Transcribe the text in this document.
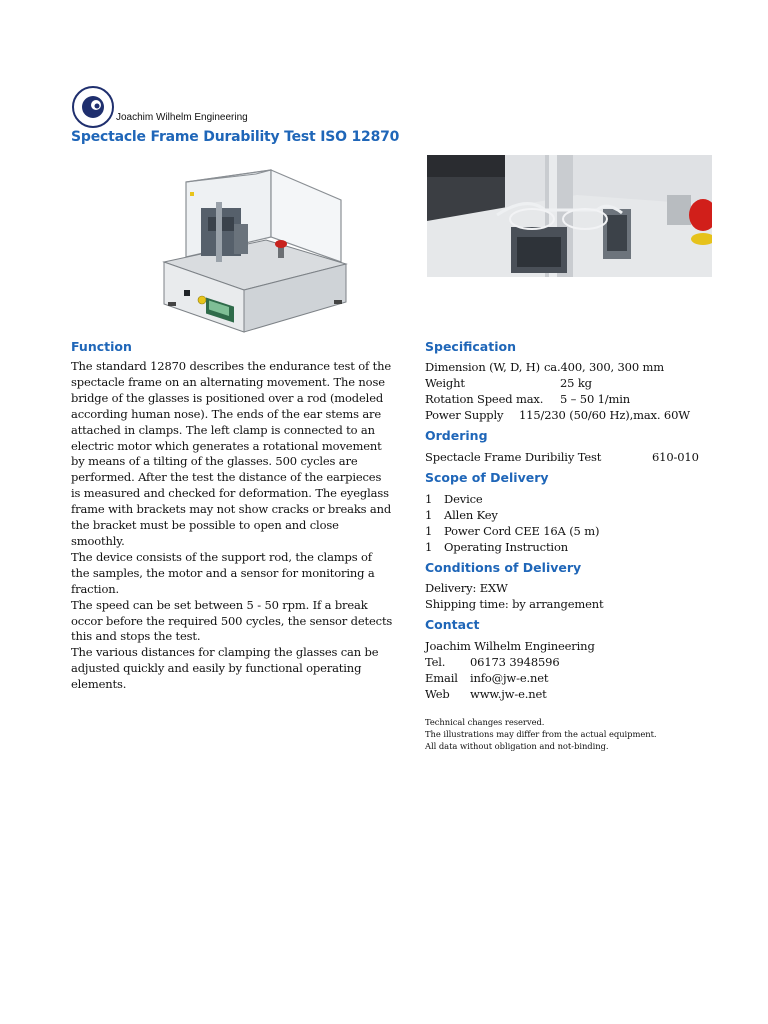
Joachim Wilhelm Engineering
Spectacle Frame Durability Test ISO 12870
Function

The standard 12870 describes the endurance test of the spectacle frame on an alternating movement. The nose bridge of the glasses is positioned over a rod (modeled according human nose). The ends of the ear stems are attached in clamps. The left clamp is connected to an electric motor which generates a rotational movement by means of a tilting of the glasses. 500 cycles are performed. After the test the distance of the earpieces is measured and checked for deformation. The eyeglass frame with brackets may not show cracks or breaks and the bracket must be possible to open and close smoothly.

The device consists of the support rod, the clamps of the samples, the motor and a sensor for monitoring a fraction.

The speed can be set between 5 - 50 rpm. If a break occor before the required 500 cycles, the sensor detects this and stops the test.

The various distances for clamping the glasses can be adjusted quickly and easily by functional operating elements.

Specification
Dimension (W, D, H) ca.400, 300, 300 mm
Weight	25 kg
Rotation Speed max. 5 – 50 1/min
Power Supply 115/230 (50/60 Hz),max. 60W
Ordering
Spectacle Frame Duribiliy Test	610-010
Scope of Delivery
1 Device
1 Allen Key
1 Power Cord CEE 16A (5 m)
1 Operating Instruction
Conditions of Delivery
Delivery: EXW
Shipping time: by arrangement
Contact
Joachim Wilhelm Engineering
Tel. 06173 3948596
Email info@jw-e.net
Web www.jw-e.net
Technical changes reserved.
The illustrations may differ from the actual equipment.
All data without obligation and not-binding.
